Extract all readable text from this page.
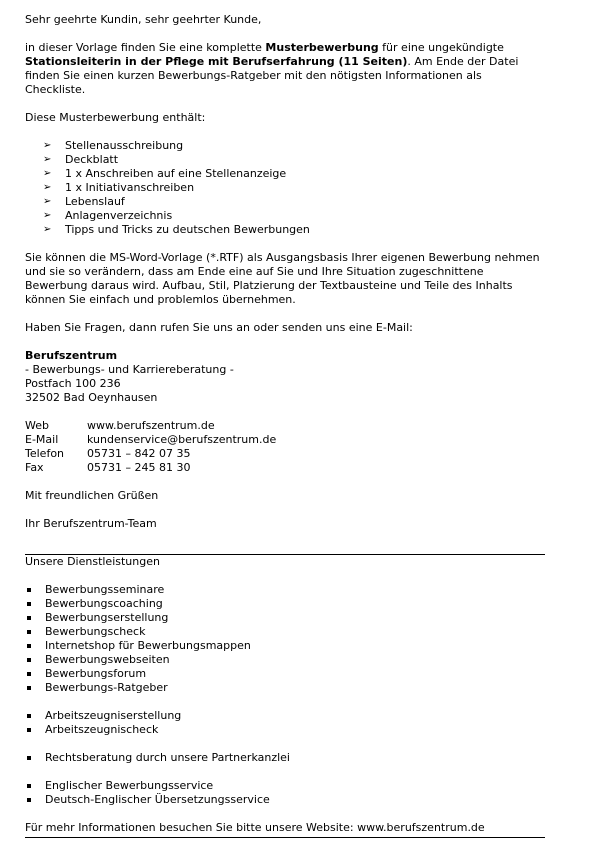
Sehr geehrte Kundin, sehr geehrter Kunde,

in dieser Vorlage finden Sie eine komplette Musterbewerbung für eine ungekündigte Stationsleiterin in der Pflege mit Berufserfahrung (11 Seiten). Am Ende der Datei finden Sie einen kurzen Bewerbungs-Ratgeber mit den nötigsten Informationen als Checkliste.

Diese Musterbewerbung enthält:

➢ Stellenausschreibung
➢ Deckblatt
➢ 1 x Anschreiben auf eine Stellenanzeige
➢ 1 x Initiativanschreiben
➢ Lebenslauf
➢ Anlagenverzeichnis
➢ Tipps und Tricks zu deutschen Bewerbungen

Sie können die MS-Word-Vorlage (*.RTF) als Ausgangsbasis Ihrer eigenen Bewerbung nehmen und sie so verändern, dass am Ende eine auf Sie und Ihre Situation zugeschnittene Bewerbung daraus wird. Aufbau, Stil, Platzierung der Textbausteine und Teile des Inhalts können Sie einfach und problemlos übernehmen.

Haben Sie Fragen, dann rufen Sie uns an oder senden uns eine E-Mail:

Berufszentrum

- Bewerbungs- und Karriereberatung -

Postfach 100 236

32502 Bad Oeynhausen

Web	www.berufszentrum.de
E-Mail	kundenservice@berufszentrum.de
Telefon	05731 – 842 07 35
Fax	05731 – 245 81 30

Mit freundlichen Grüßen

Ihr Berufszentrum-Team

Unsere Dienstleistungen

Bewerbungsseminare
Bewerbungscoaching
Bewerbungserstellung
Bewerbungscheck
Internetshop für Bewerbungsmappen
Bewerbungswebseiten
Bewerbungsforum
Bewerbungs-Ratgeber
Arbeitszeugniserstellung
Arbeitszeugnischeck
Rechtsberatung durch unsere Partnerkanzlei
Englischer Bewerbungsservice
Deutsch-Englischer Übersetzungsservice

Für mehr Informationen besuchen Sie bitte unsere Website: www.berufszentrum.de
